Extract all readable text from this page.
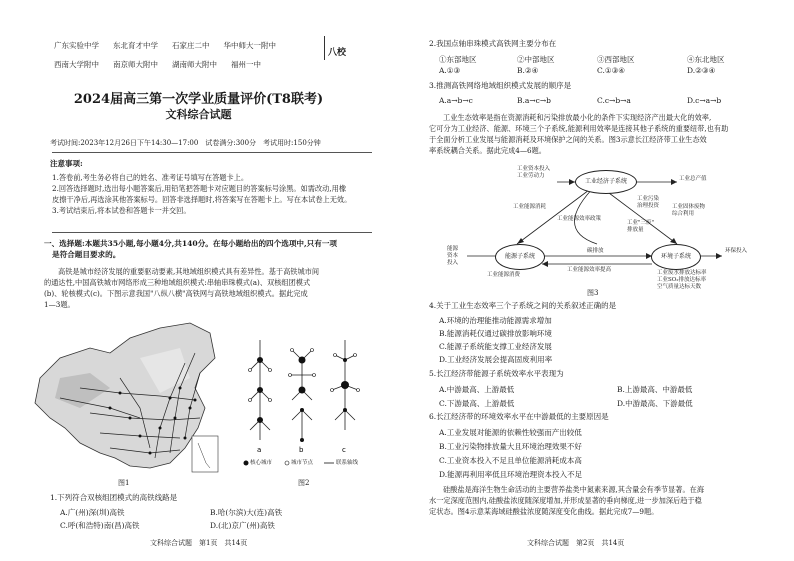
广东实验中学 东北育才中学 石家庄二中 华中师大一附中
西南大学附中 南京师大附中 湖南师大附中 福州一中
八校
2024届高三第一次学业质量评价(T8联考)
文科综合试题
考试时间:2023年12月26日下午14:30—17:00　试卷满分:300分　考试用时:150分钟
注意事项:
1.答卷前,考生务必将自己的姓名、准考证号填写在答题卡上。
2.回答选择题时,选出每小题答案后,用铅笔把答题卡对应题目的答案标号涂黑。如需改动,用橡
皮擦干净后,再选涂其他答案标号。回答非选择题时,将答案写在答题卡上。写在本试卷上无效。
3.考试结束后,将本试卷和答题卡一并交回。
一、选择题:本题共35小题,每小题4分,共140分。在每小题给出的四个选项中,只有一项
是符合题目要求的。
高铁是城市经济发展的重要驱动要素,其地域组织模式具有差异性。基于高铁城市间
的通达性,中国高铁城市网络形成三种地域组织模式:串轴串珠模式(a)、双核组团模式
(b)、轮核模式(c)。下图示意我国"八纵八横"高铁网与高铁地域组织模式。据此完成
1—3题。
图1
a	b	c
核心城市	城市节点	联系轴线
图2
1.下列符合双核组团模式的高铁线路是
A.广(州)深(圳)高铁	B.哈(尔滨)大(连)高铁
C.呼(和浩特)南(昌)高铁	D.(北)京广(州)高铁
文科综合试题　第1页　共14页
2.我国点轴串珠模式高铁网主要分布在
①东部地区	②中部地区	③西部地区	④东北地区
A.①③	B.②④	C.①③④	D.②③④
3.推测高铁网络地域组织模式发展的顺序是
A.a→b→c	B.a→c→b	C.c→b→a	D.c→a→b
工业生态效率是指在资源消耗和污染排放最小化的条件下实现经济产出最大化的效率,
它可分为工业经济、能源、环境三个子系统,能源利用效率是连接其他子系统的重要纽带,也有助
于全面分析工业发展与能源消耗及环境保护之间的关系。图3示意长江经济带工业生态效
率系统耦合关系。据此完成4—6题。
工业经济子系统
能源子系统	环境子系统
工业资本投入
工业劳动力	工业总产值
工业能源消耗
工业能源效率政策
工业污染
治理投资 工业固体废物
综合利用
工业"三废"
排放量
碳排放
工业能源效率提高
能源
资本
投入
工业废水排放达标率
工业SO₂排放达标率
空气质量达标天数
环保投入
工业能源消费
图3
4.关于工业生态效率三个子系统之间的关系叙述正确的是
A.环境的治理能推动能源需求增加
B.能源消耗仅通过碳排放影响环境
C.能源子系统能支撑工业经济发展
D.工业经济发展会提高固废利用率
5.长江经济带能源子系统效率水平表现为
A.中游最高、上游最低	B.上游最高、中游最低
C.下游最高、上游最低	D.中游最高、下游最低
6.长江经济带的环境效率水平在中游最低的主要原因是
A.工业发展对能源的依赖性较强而产出较低
B.工业污染物排放量大且环境治理效果不好
C.工业资本投入不足且单位能源消耗成本高
D.能源再利用率低且环境治理资本投入不足
硅酸盐是海洋生物生命活动的主要营养盐类中氮素来源,其含量会有季节显著。在海
水一定深度范围内,硅酸盐浓度随深度增加,并形成显著的垂向梯度,进一步加深后趋于稳
定状态。图4示意某海域硅酸盐浓度随深度变化曲线。据此完成7—9题。
文科综合试题　第2页　共14页
